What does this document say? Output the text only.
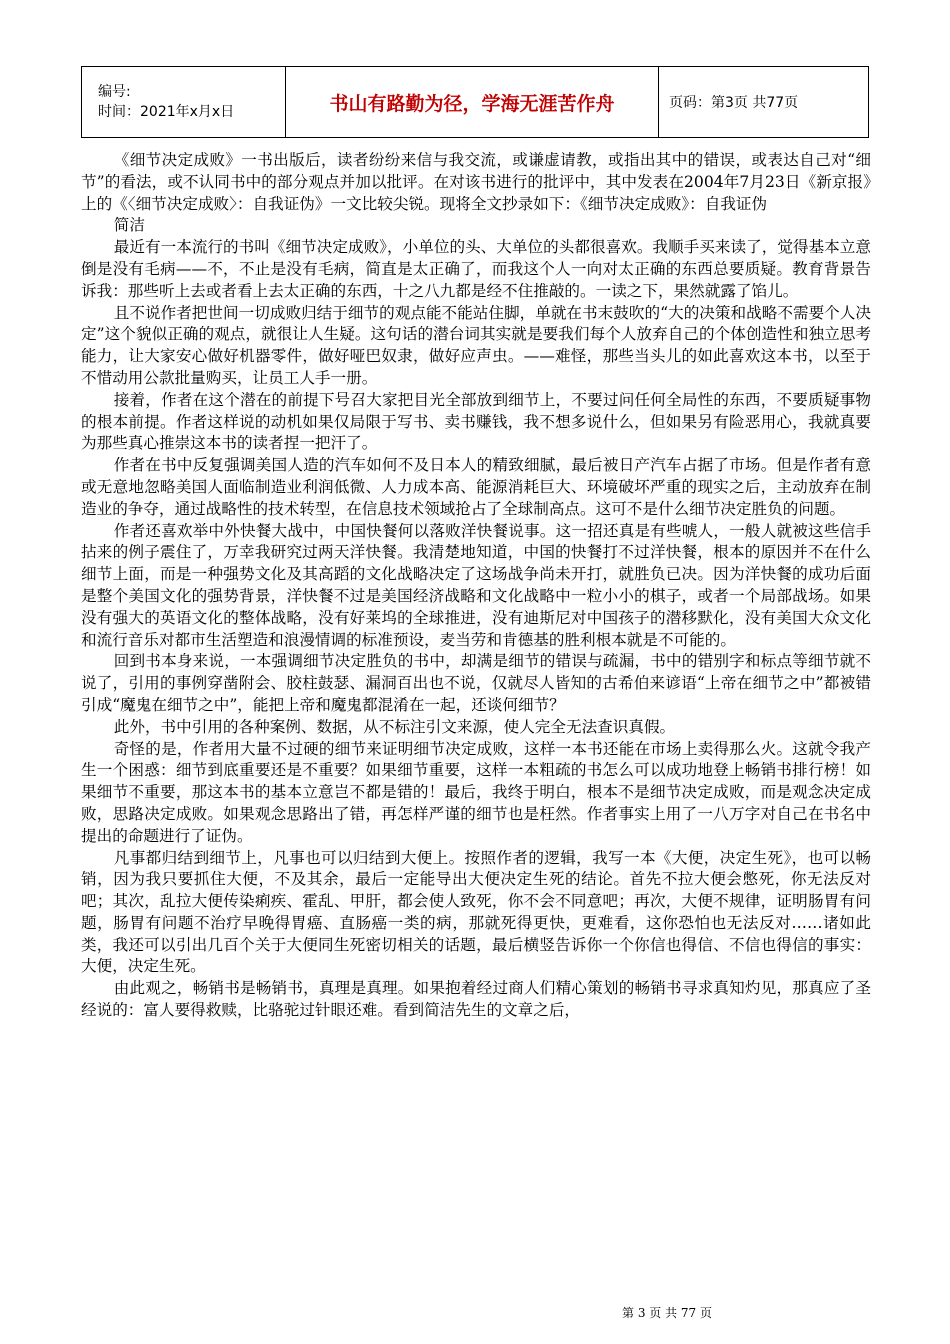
编号:
时间：2021年x月x日	书山有路勤为径，学海无涯苦作舟	页码：第3页 共77页

《细节决定成败》一书出版后，读者纷纷来信与我交流，或谦虚请教，或指出其中的错误，或表达自己对“细节”的看法，或不认同书中的部分观点并加以批评。在对该书进行的批评中，其中发表在2004年7月23日《新京报》上的《〈细节决定成败〉：自我证伪》一文比较尖锐。现将全文抄录如下：《细节决定成败》：自我证伪

简洁

最近有一本流行的书叫《细节决定成败》，小单位的头、大单位的头都很喜欢。我顺手买来读了，觉得基本立意倒是没有毛病——不，不止是没有毛病，简直是太正确了，而我这个人一向对太正确的东西总要质疑。教育背景告诉我：那些听上去或者看上去太正确的东西，十之八九都是经不住推敲的。一读之下，果然就露了馅儿。

且不说作者把世间一切成败归结于细节的观点能不能站住脚，单就在书末鼓吹的“大的决策和战略不需要个人决定”这个貌似正确的观点，就很让人生疑。这句话的潜台词其实就是要我们每个人放弃自己的个体创造性和独立思考能力，让大家安心做好机器零件，做好哑巴奴隶，做好应声虫。——难怪，那些当头儿的如此喜欢这本书，以至于不惜动用公款批量购买，让员工人手一册。

接着，作者在这个潜在的前提下号召大家把目光全部放到细节上，不要过问任何全局性的东西，不要质疑事物的根本前提。作者这样说的动机如果仅局限于写书、卖书赚钱，我不想多说什么，但如果另有险恶用心，我就真要为那些真心推崇这本书的读者捏一把汗了。

作者在书中反复强调美国人造的汽车如何不及日本人的精致细腻，最后被日产汽车占据了市场。但是作者有意或无意地忽略美国人面临制造业利润低微、人力成本高、能源消耗巨大、环境破坏严重的现实之后，主动放弃在制造业的争夺，通过战略性的技术转型，在信息技术领域抢占了全球制高点。这可不是什么细节决定胜负的问题。

作者还喜欢举中外快餐大战中，中国快餐何以落败洋快餐说事。这一招还真是有些唬人，一般人就被这些信手拈来的例子震住了，万幸我研究过两天洋快餐。我清楚地知道，中国的快餐打不过洋快餐，根本的原因并不在什么细节上面，而是一种强势文化及其高蹈的文化战略决定了这场战争尚未开打，就胜负已决。因为洋快餐的成功后面是整个美国文化的强势背景，洋快餐不过是美国经济战略和文化战略中一粒小小的棋子，或者一个局部战场。如果没有强大的英语文化的整体战略，没有好莱坞的全球推进，没有迪斯尼对中国孩子的潜移默化，没有美国大众文化和流行音乐对都市生活塑造和浪漫情调的标准预设，麦当劳和肯德基的胜利根本就是不可能的。

回到书本身来说，一本强调细节决定胜负的书中，却满是细节的错误与疏漏，书中的错别字和标点等细节就不说了，引用的事例穿凿附会、胶柱鼓瑟、漏洞百出也不说，仅就尽人皆知的古希伯来谚语“上帝在细节之中”都被错引成“魔鬼在细节之中”，能把上帝和魔鬼都混淆在一起，还谈何细节？

此外，书中引用的各种案例、数据，从不标注引文来源，使人完全无法查识真假。

奇怪的是，作者用大量不过硬的细节来证明细节决定成败，这样一本书还能在市场上卖得那么火。这就令我产生一个困惑：细节到底重要还是不重要？如果细节重要，这样一本粗疏的书怎么可以成功地登上畅销书排行榜！如果细节不重要，那这本书的基本立意岂不都是错的！最后，我终于明白，根本不是细节决定成败，而是观念决定成败，思路决定成败。如果观念思路出了错，再怎样严谨的细节也是枉然。作者事实上用了一八万字对自己在书名中提出的命题进行了证伪。

凡事都归结到细节上，凡事也可以归结到大便上。按照作者的逻辑，我写一本《大便，决定生死》，也可以畅销，因为我只要抓住大便，不及其余，最后一定能导出大便决定生死的结论。首先不拉大便会憋死，你无法反对吧；其次，乱拉大便传染痢疾、霍乱、甲肝，都会使人致死，你不会不同意吧；再次，大便不规律，证明肠胃有问题，肠胃有问题不治疗早晚得胃癌、直肠癌一类的病，那就死得更快，更难看，这你恐怕也无法反对……诸如此类，我还可以引出几百个关于大便同生死密切相关的话题，最后横竖告诉你一个你信也得信、不信也得信的事实：大便，决定生死。

由此观之，畅销书是畅销书，真理是真理。如果抱着经过商人们精心策划的畅销书寻求真知灼见，那真应了圣经说的：富人要得救赎，比骆驼过针眼还难。看到简洁先生的文章之后，

第 3 页 共 77 页
